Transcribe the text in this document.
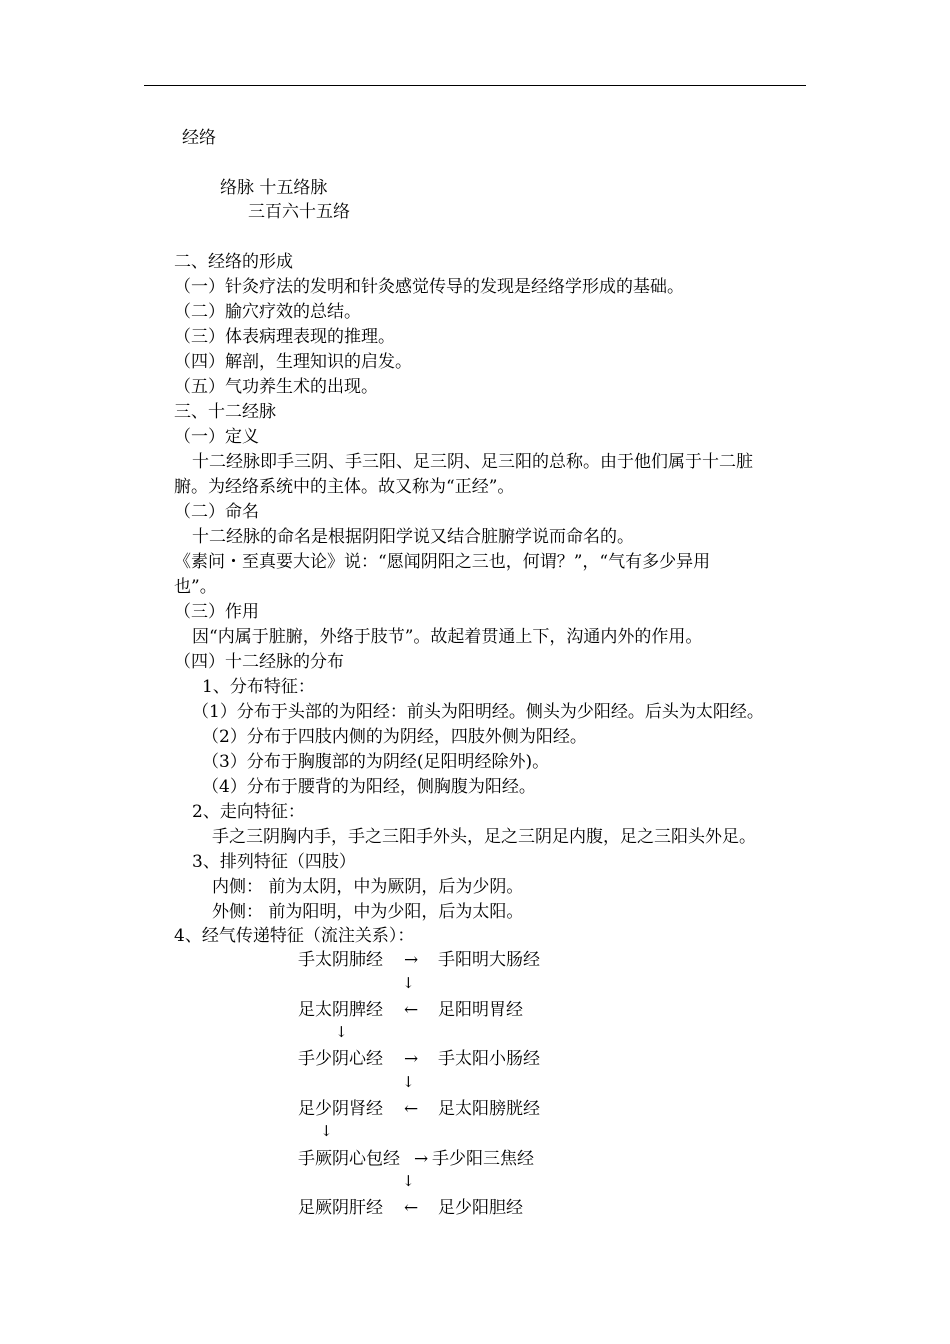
经络
络脉 十五络脉
三百六十五络
二、经络的形成
（一）针灸疗法的发明和针灸感觉传导的发现是经络学形成的基础。
（二）腧穴疗效的总结。
（三）体表病理表现的推理。
（四）解剖，生理知识的启发。
（五）气功养生术的出现。
三、十二经脉
（一）定义
十二经脉即手三阴、手三阳、足三阴、足三阳的总称。由于他们属于十二脏
腑。为经络系统中的主体。故又称为“正经”。
（二）命名
十二经脉的命名是根据阴阳学说又结合脏腑学说而命名的。
《素问・至真要大论》说：“愿闻阴阳之三也，何谓？”，“气有多少异用
也”。
（三）作用
因“内属于脏腑，外络于肢节”。故起着贯通上下，沟通内外的作用。
（四）十二经脉的分布
1、分布特征：
（1）分布于头部的为阳经：前头为阳明经。侧头为少阳经。后头为太阳经。
（2）分布于四肢内侧的为阴经，四肢外侧为阳经。
（3）分布于胸腹部的为阴经(足阳明经除外)。
（4）分布于腰背的为阳经，侧胸腹为阳经。
2、走向特征：
手之三阴胸内手，手之三阳手外头，足之三阴足内腹，足之三阳头外足。
3、排列特征（四肢）
内侧： 前为太阴，中为厥阴，后为少阴。
外侧： 前为阳明，中为少阳，后为太阳。
4、经气传递特征（流注关系）：
手太阴肺经 → 手阳明大肠经
↓
足太阴脾经 ← 足阳明胃经
↓
手少阴心经 → 手太阳小肠经
↓
足少阴肾经 ← 足太阳膀胱经
↓
手厥阴心包经 → 手少阳三焦经
↓
足厥阴肝经 ← 足少阳胆经
